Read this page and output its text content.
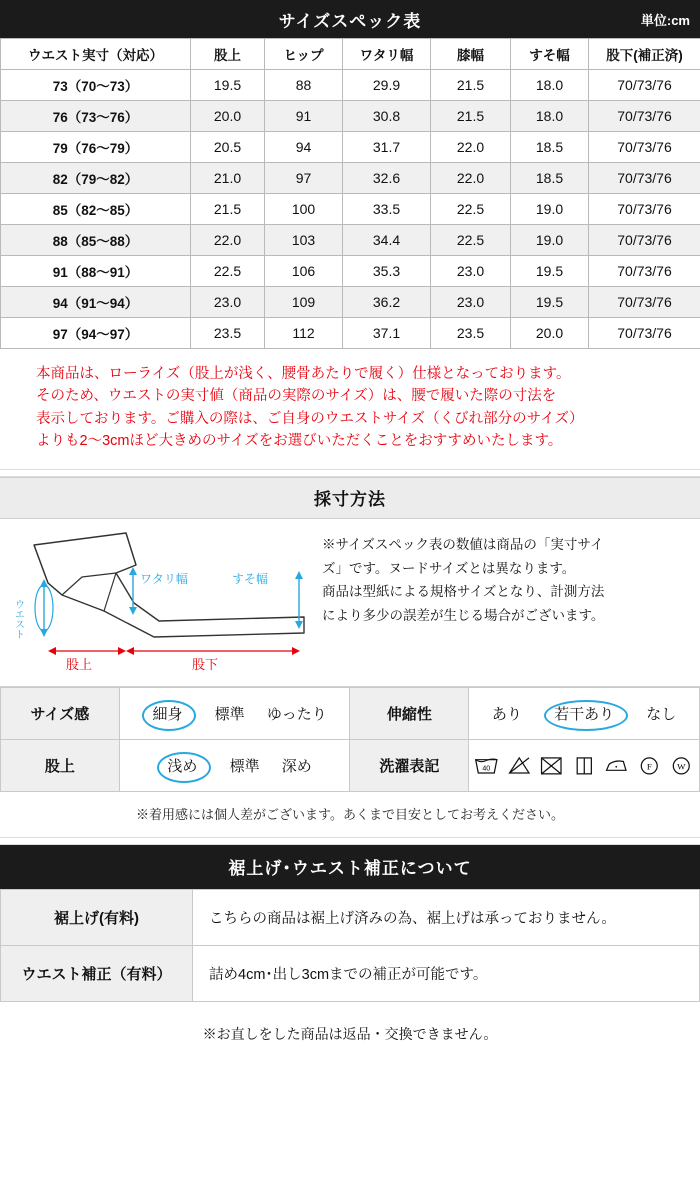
サイズスペック表	単位:cm
ウエスト実寸（対応）	股上	ヒップ	ワタリ幅	膝幅	すそ幅	股下(補正済)
73（70〜73）	19.5	88	29.9	21.5	18.0	70/73/76
76（73〜76）	20.0	91	30.8	21.5	18.0	70/73/76
79（76〜79）	20.5	94	31.7	22.0	18.5	70/73/76
82（79〜82）	21.0	97	32.6	22.0	18.5	70/73/76
85（82〜85）	21.5	100	33.5	22.5	19.0	70/73/76
88（85〜88）	22.0	103	34.4	22.5	19.0	70/73/76
91（88〜91）	22.5	106	35.3	23.0	19.5	70/73/76
94（91〜94）	23.0	109	36.2	23.0	19.5	70/73/76
97（94〜97）	23.5	112	37.1	23.5	20.0	70/73/76
本商品は、ローライズ（股上が浅く、腰骨あたりで履く）仕様となっております。
そのため、ウエストの実寸値（商品の実際のサイズ）は、腰で履いた際の寸法を
表示しております。ご購入の際は、ご自身のウエストサイズ（くびれ部分のサイズ）
よりも2〜3cmほど大きめのサイズをお選びいただくことをおすすめいたします。
採寸方法
ウエスト
ワタリ幅	すそ幅
股上	股下
※サイズスペック表の数値は商品の「実寸サイ
ズ」です。ヌードサイズとは異なります。
商品は型紙による規格サイズとなり、計測方法
により多少の誤差が生じる場合がございます。
サイズ感	細身 標準 ゆったり	伸縮性	あり 若干あり なし
股上	浅め 標準 深め	洗濯表記	40 F W
※着用感には個人差がございます。あくまで目安としてお考えください。
裾上げ･ウエスト補正について
裾上げ(有料)	こちらの商品は裾上げ済みの為、裾上げは承っておりません。
ウエスト補正（有料）	詰め4cm･出し3cmまでの補正が可能です。
※お直しをした商品は返品・交換できません。
